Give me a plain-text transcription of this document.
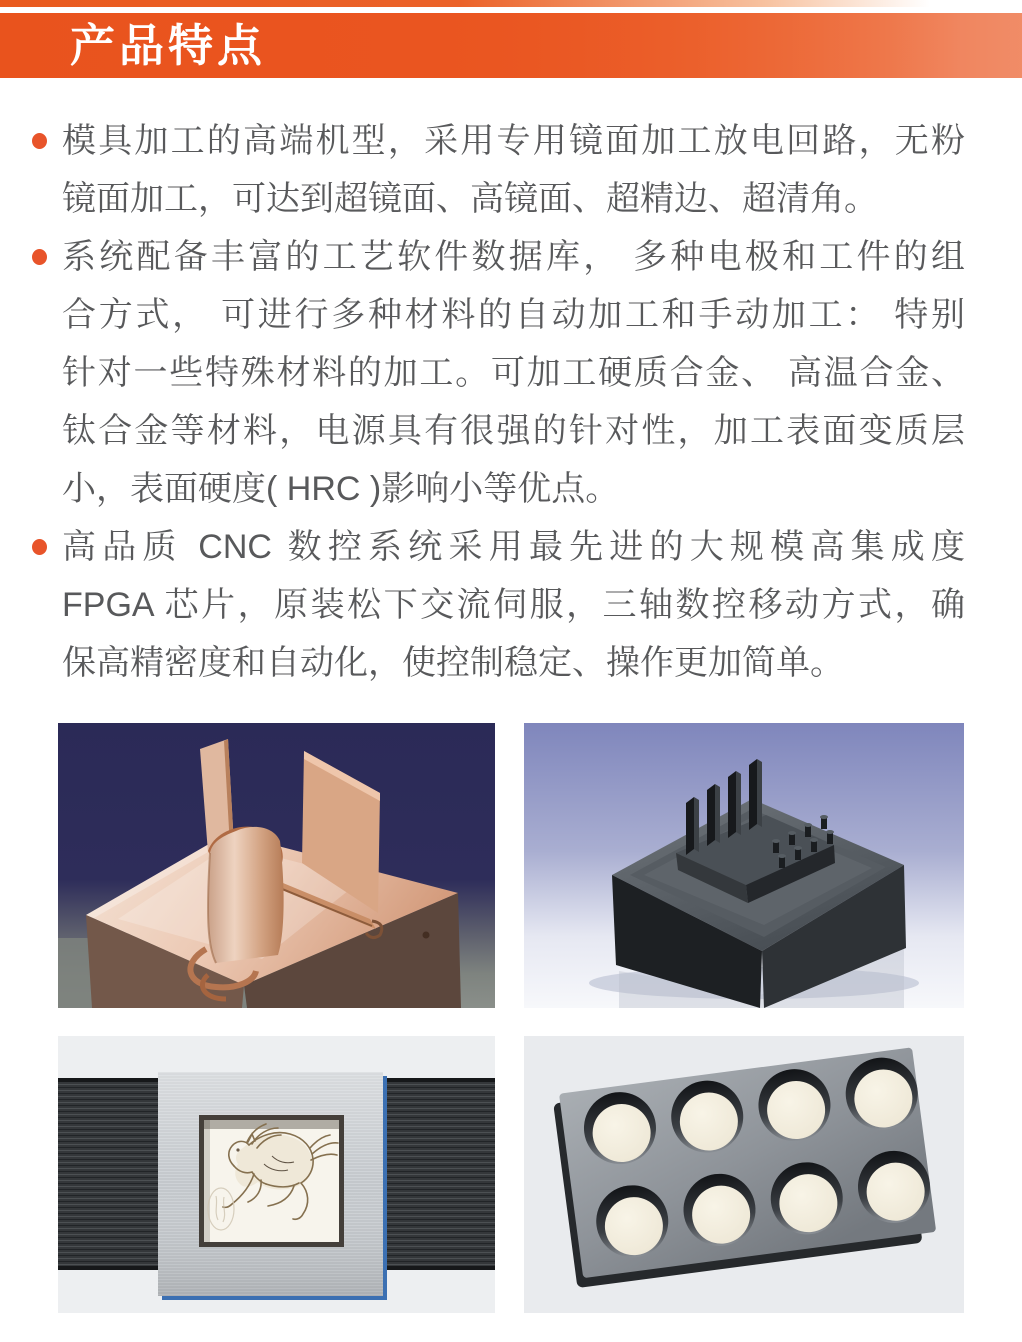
产品特点
模具加工的高端机型，采用专用镜面加工放电回路，无粉
镜面加工，可达到超镜面、高镜面、超精边、超清角。
系统配备丰富的工艺软件数据库， 多种电极和工件的组
合方式， 可进行多种材料的自动加工和手动加工： 特别
针对一些特殊材料的加工。可加工硬质合金、 高温合金、
钛合金等材料，电源具有很强的针对性，加工表面变质层
小，表面硬度( HRC )影响小等优点。
高品质 CNC 数控系统采用最先进的大规模高集成度
FPGA 芯片，原装松下交流伺服，三轴数控移动方式，确
保高精密度和自动化，使控制稳定、操作更加简单。
